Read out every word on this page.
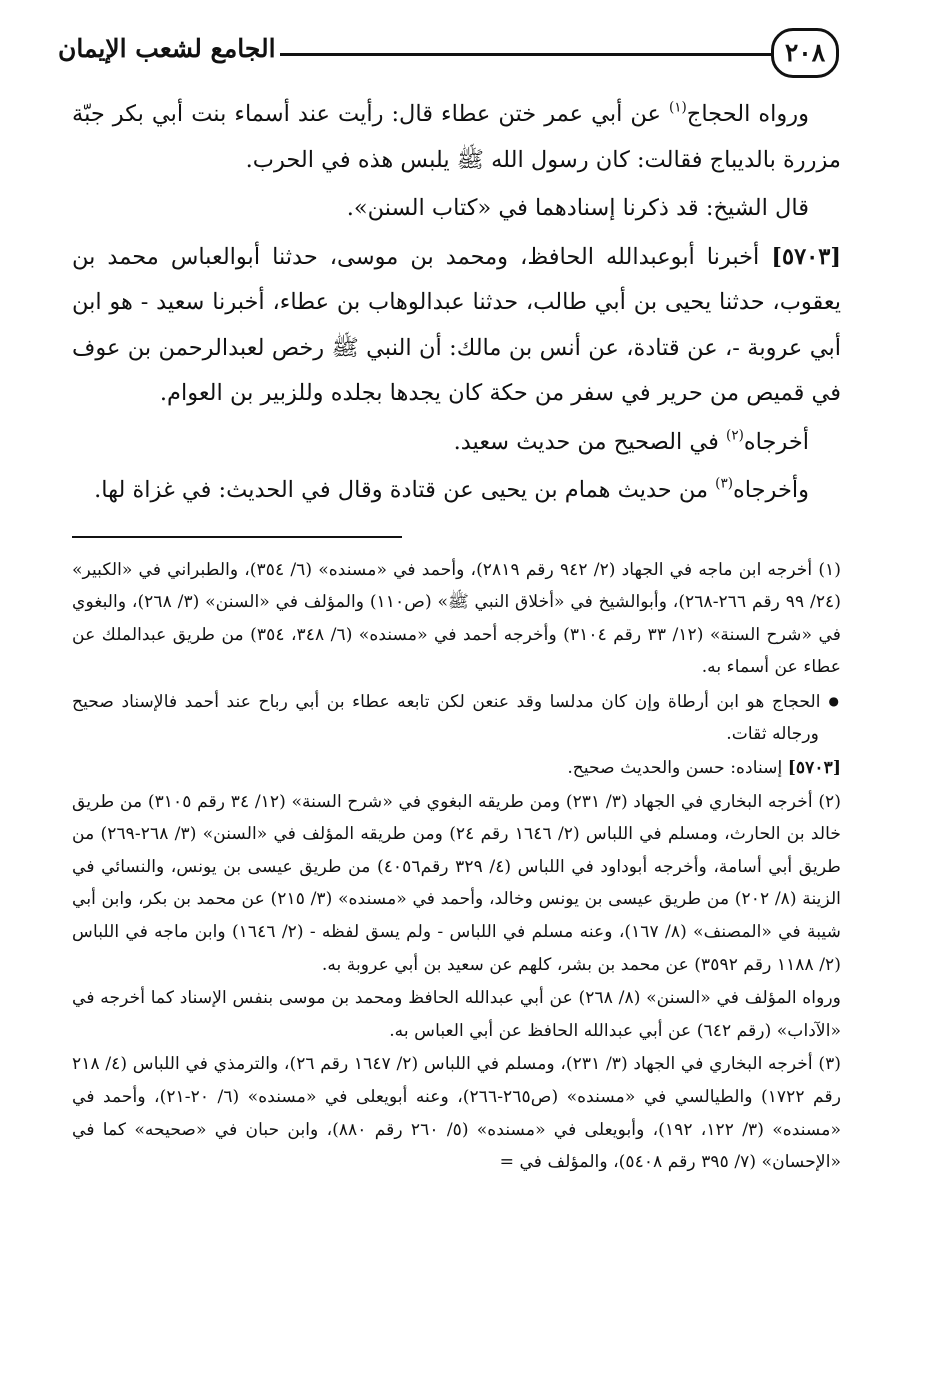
٢٠٨
الجامع لشعب الإيمان

ورواه الحجاج$^{(١)}$ عن أبي عمر ختن عطاء قال: رأيت عند أسماء بنت أبي بكر جبّة مزررة بالديباج فقالت: كان رسول الله ﷺ يلبس هذه في الحرب.

قال الشيخ: قد ذكرنا إسنادهما في «كتاب السنن».

[٥٧٠٣] أخبرنا أبوعبدالله الحافظ، ومحمد بن موسى، حدثنا أبوالعباس محمد بن يعقوب، حدثنا يحيى بن أبي طالب، حدثنا عبدالوهاب بن عطاء، أخبرنا سعيد - هو ابن أبي عروبة -، عن قتادة، عن أنس بن مالك: أن النبي ﷺ رخص لعبدالرحمن بن عوف في قميص من حرير في سفر من حكة كان يجدها بجلده وللزبير بن العوام.

أخرجاه$^{(٢)}$ في الصحيح من حديث سعيد.

وأخرجاه$^{(٣)}$ من حديث همام بن يحيى عن قتادة وقال في الحديث: في غزاة لها.

(١) أخرجه ابن ماجه في الجهاد (٢/ ٩٤٢ رقم ٢٨١٩)، وأحمد في «مسنده» (٦/ ٣٥٤)، والطبراني في «الكبير» (٢٤/ ٩٩ رقم ٢٦٦-٢٦٨)، وأبوالشيخ في «أخلاق النبي ﷺ» (ص١١٠) والمؤلف في «السنن» (٣/ ٢٦٨)، والبغوي في «شرح السنة» (١٢/ ٣٣ رقم ٣١٠٤) وأخرجه أحمد في «مسنده» (٦/ ٣٤٨، ٣٥٤) من طريق عبدالملك عن عطاء عن أسماء به.

● الحجاج هو ابن أرطاة وإن كان مدلسا وقد عنعن لكن تابعه عطاء بن أبي رباح عند أحمد فالإسناد صحيح ورجاله ثقات.

[٥٧٠٣] إسناده: حسن والحديث صحيح.

(٢) أخرجه البخاري في الجهاد (٣/ ٢٣١) ومن طريقه البغوي في «شرح السنة» (١٢/ ٣٤ رقم ٣١٠٥) من طريق خالد بن الحارث، ومسلم في اللباس (٢/ ١٦٤٦ رقم ٢٤) ومن طريقه المؤلف في «السنن» (٣/ ٢٦٨-٢٦٩) من طريق أبي أسامة، وأخرجه أبوداود في اللباس (٤/ ٣٢٩ رقم٤٠٥٦) من طريق عيسى بن يونس، والنسائي في الزينة (٨/ ٢٠٢) من طريق عيسى بن يونس وخالد، وأحمد في «مسنده» (٣/ ٢١٥) عن محمد بن بكر، وابن أبي شيبة في «المصنف» (٨/ ١٦٧)، وعنه مسلم في اللباس - ولم يسق لفظه - (٢/ ١٦٤٦) وابن ماجه في اللباس (٢/ ١١٨٨ رقم ٣٥٩٢) عن محمد بن بشر، كلهم عن سعيد بن أبي عروبة به.

ورواه المؤلف في «السنن» (٨/ ٢٦٨) عن أبي عبدالله الحافظ ومحمد بن موسى بنفس الإسناد كما أخرجه في «الآداب» (رقم ٦٤٢) عن أبي عبدالله الحافظ عن أبي العباس به.

(٣) أخرجه البخاري في الجهاد (٣/ ٢٣١)، ومسلم في اللباس (٢/ ١٦٤٧ رقم ٢٦)، والترمذي في اللباس (٤/ ٢١٨ رقم ١٧٢٢) والطيالسي في «مسنده» (ص٢٦٥-٢٦٦)، وعنه أبويعلى في «مسنده» (٦/ ٢٠-٢١)، وأحمد في «مسنده» (٣/ ١٢٢، ١٩٢)، وأبويعلى في «مسنده» (٥/ ٢٦٠ رقم ٨٨٠)، وابن حبان في «صحيحه» كما في «الإحسان» (٧/ ٣٩٥ رقم ٥٤٠٨)، والمؤلف في =
